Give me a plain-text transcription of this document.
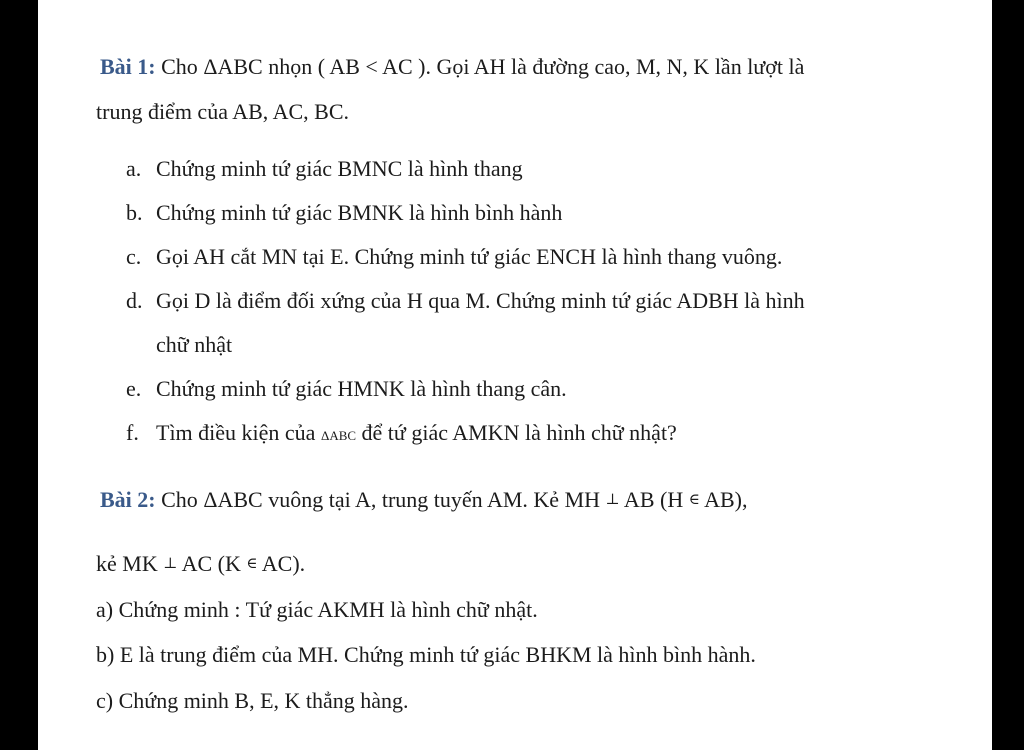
Bài 1: Cho ΔABC nhọn ( AB < AC ). Gọi AH là đường cao, M, N, K lần lượt là
trung điểm của AB, AC, BC.
a. Chứng minh tứ giác BMNC là hình thang
b. Chứng minh tứ giác BMNK là hình bình hành
c. Gọi AH cắt MN tại E. Chứng minh tứ giác ENCH là hình thang vuông.
d. Gọi D là điểm đối xứng của H qua M. Chứng minh tứ giác ADBH là hình
chữ nhật
e. Chứng minh tứ giác HMNK là hình thang cân.
f. Tìm điều kiện của ΔABC để tứ giác AMKN là hình chữ nhật?
Bài 2: Cho ΔABC vuông tại A, trung tuyến AM. Kẻ MH ⊥ AB (H ∈ AB),
kẻ MK ⊥ AC (K ∈ AC).
a) Chứng minh : Tứ giác AKMH là hình chữ nhật.
b) E là trung điểm của MH. Chứng minh tứ giác BHKM là hình bình hành.
c) Chứng minh B, E, K thẳng hàng.
